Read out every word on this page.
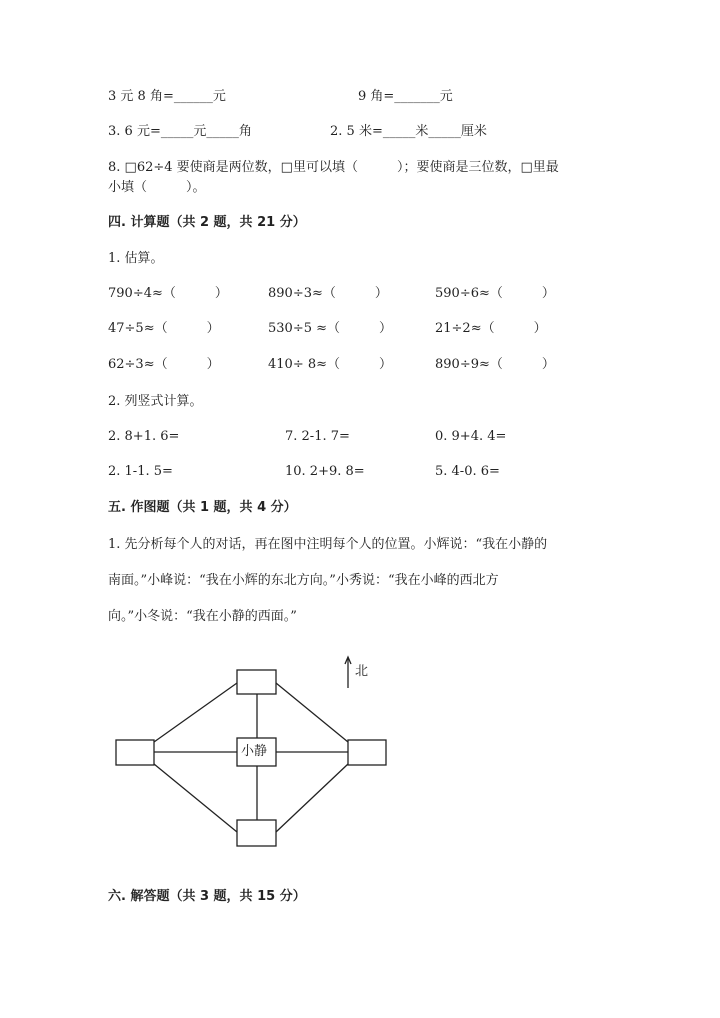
3 元 8 角=______元	9 角=_______元
3. 6 元=_____元_____角	2. 5 米=_____米_____厘米
8. □62÷4 要使商是两位数，□里可以填（　　　）；要使商是三位数，□里最
小填（　　　）。
四. 计算题（共 2 题，共 21 分）
1. 估算。
790÷4≈（　　　）	890÷3≈（　　　）	590÷6≈（　　　）
47÷5≈（　　　）	530÷5 ≈（　　　）	21÷2≈（　　　）
62÷3≈（　　　）	410÷ 8≈（　　　）	890÷9≈（　　　）
2. 列竖式计算。
2. 8+1. 6=	7. 2-1. 7=	0. 9+4. 4=
2. 1-1. 5=	10. 2+9. 8=	5. 4-0. 6=
五. 作图题（共 1 题，共 4 分）
1. 先分析每个人的对话，再在图中注明每个人的位置。小辉说：“我在小静的
南面。”小峰说：“我在小辉的东北方向。”小秀说：“我在小峰的西北方
向。”小冬说：“我在小静的西面。”
小静
北
六. 解答题（共 3 题，共 15 分）
